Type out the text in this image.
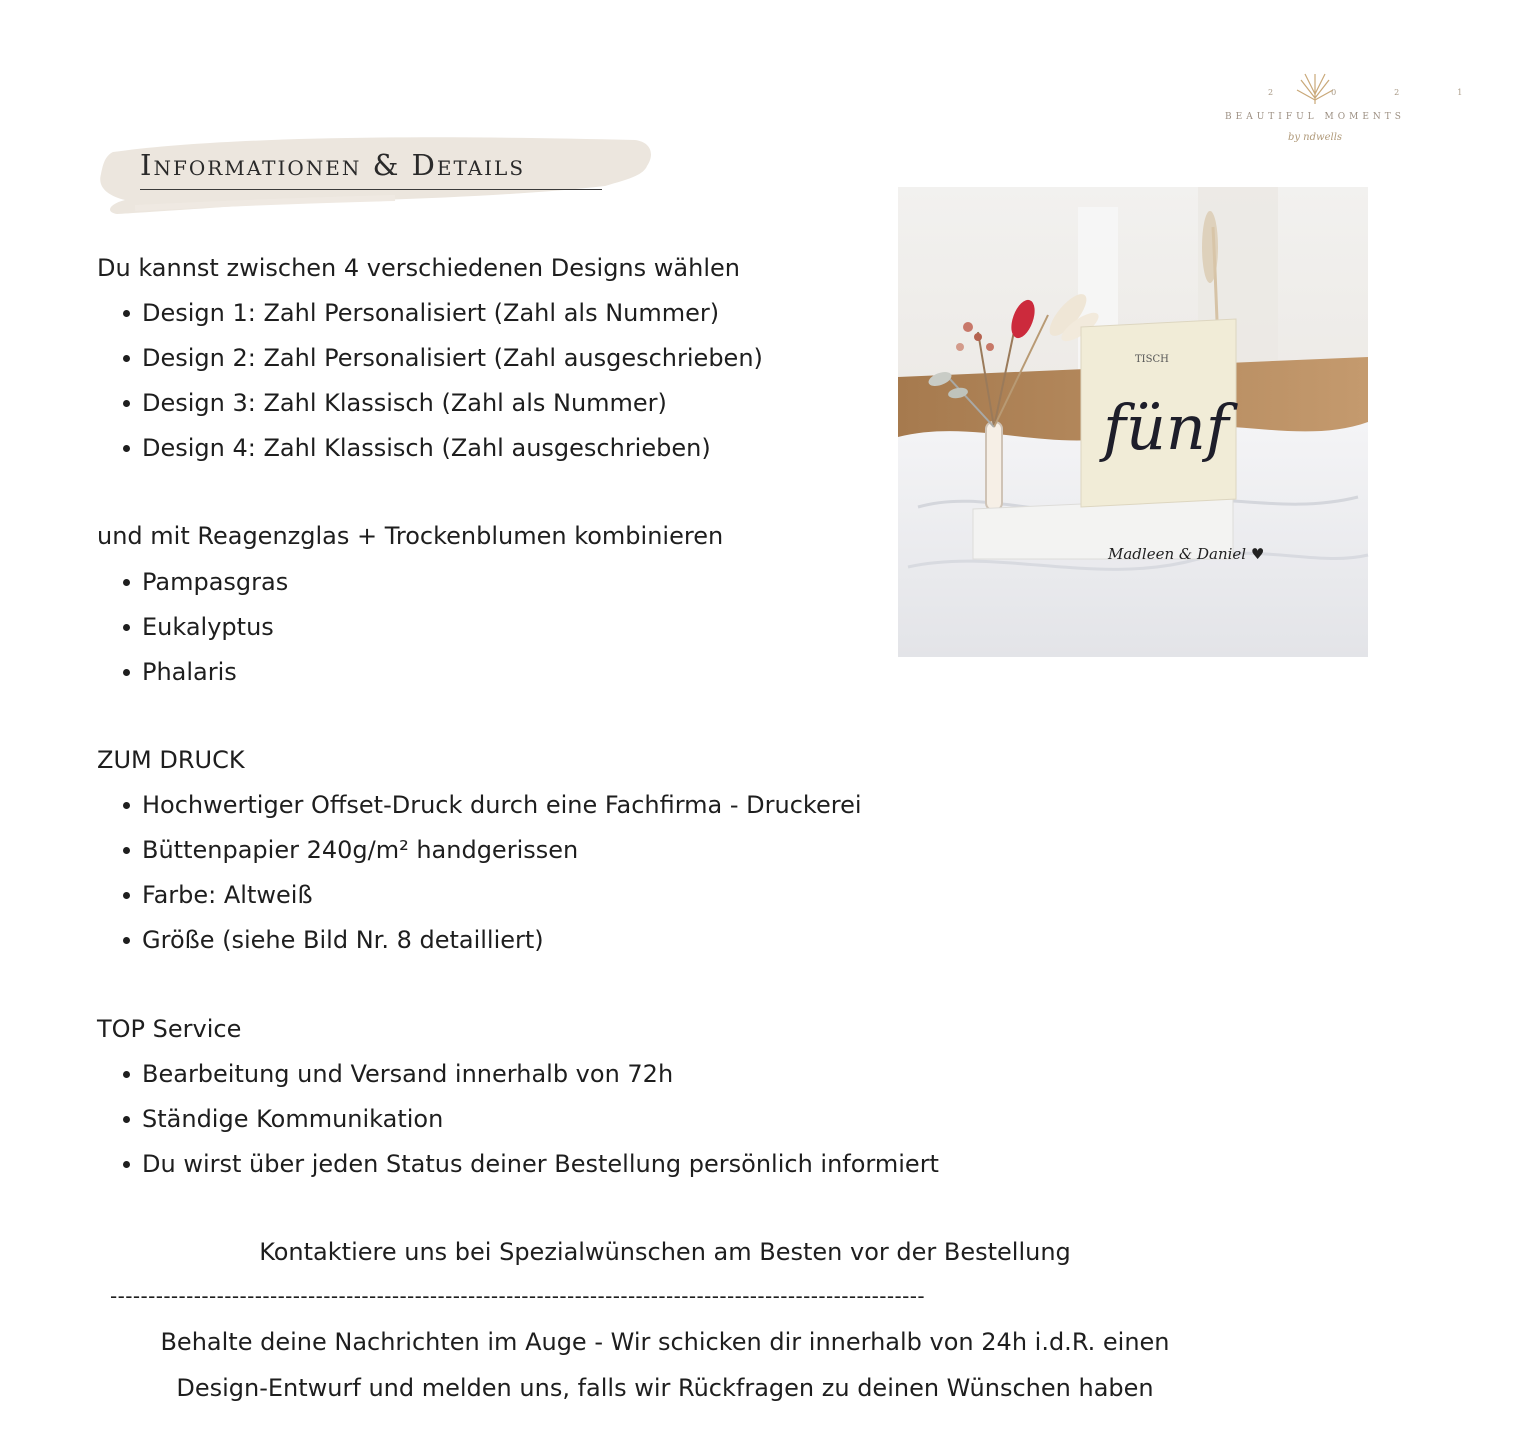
2021
BEAUTIFUL MOMENTS
by ndwells
Informationen & Details
Du kannst zwischen 4 verschiedenen Designs wählen
Design 1: Zahl Personalisiert (Zahl als Nummer)
Design 2: Zahl Personalisiert (Zahl ausgeschrieben)
Design 3: Zahl Klassisch (Zahl als Nummer)
Design 4: Zahl Klassisch (Zahl ausgeschrieben)
und mit Reagenzglas + Trockenblumen kombinieren
Pampasgras
Eukalyptus
Phalaris
ZUM DRUCK
Hochwertiger Offset-Druck durch eine Fachfirma - Druckerei
Büttenpapier 240g/m² handgerissen
Farbe: Altweiß
Größe (siehe Bild Nr. 8 detailliert)
TOP Service
Bearbeitung und Versand innerhalb von 72h
Ständige Kommunikation
Du wirst über jeden Status deiner Bestellung persönlich informiert
Kontaktiere uns bei Spezialwünschen am Besten vor der Bestellung
-----------------------------------------------------------------------------------------------------------
Behalte deine Nachrichten im Auge - Wir schicken dir innerhalb von 24h i.d.R. einen
Design-Entwurf und melden uns, falls wir Rückfragen zu deinen Wünschen haben
Madleen & Daniel ♥
TISCH
fünf
